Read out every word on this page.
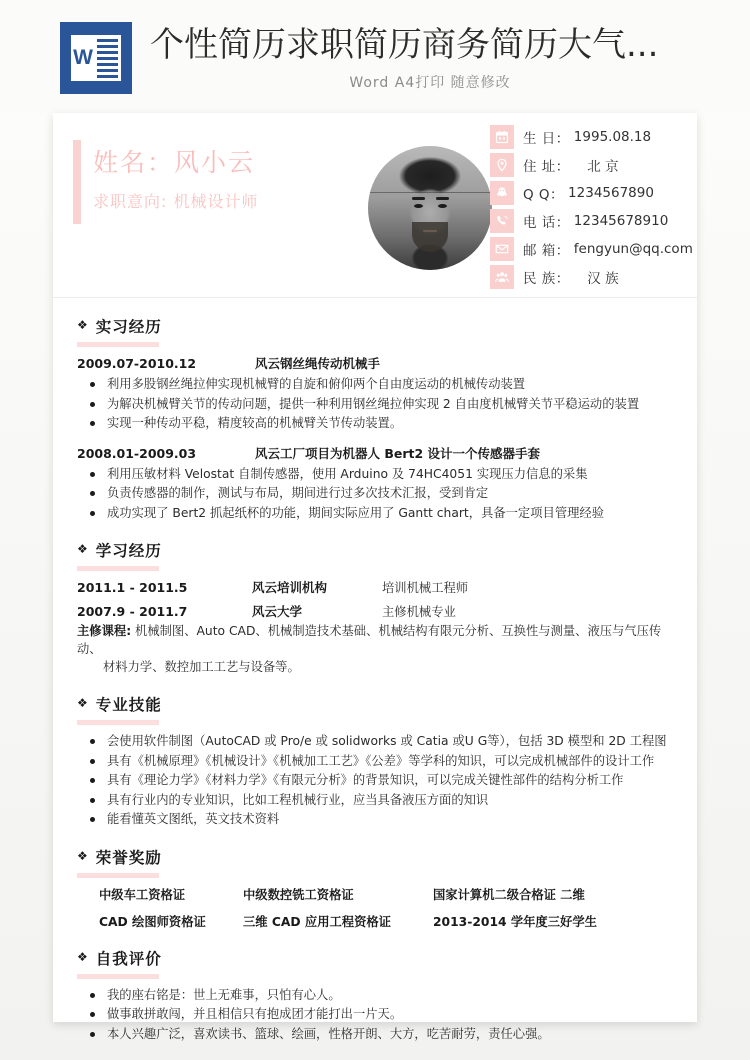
W 个性简历求职简历商务简历大气...
Word A4打印 随意修改
姓名：风小云
求职意向: 机械设计师
生 日： 1995.08.18
住 址： 　北 京
Q Q： 1234567890
电 话： 12345678910
邮 箱： fengyun@qq.com
民 族： 　汉 族
❖ 实习经历
2009.07-2010.12	风云钢丝绳传动机械手
利用多股钢丝绳拉伸实现机械臂的自旋和俯仰两个自由度运动的机械传动装置
为解决机械臂关节的传动问题，提供一种利用钢丝绳拉伸实现 2 自由度机械臂关节平稳运动的装置
实现一种传动平稳，精度较高的机械臂关节传动装置。
2008.01-2009.03	风云工厂项目为机器人 Bert2 设计一个传感器手套
利用压敏材料 Velostat 自制传感器，使用 Arduino 及 74HC4051 实现压力信息的采集
负责传感器的制作，测试与布局，期间进行过多次技术汇报，受到肯定
成功实现了 Bert2 抓起纸杯的功能，期间实际应用了 Gantt chart，具备一定项目管理经验
❖ 学习经历
2011.1 - 2011.5	风云培训机构	培训机械工程师
2007.9 - 2011.7	风云大学	主修机械专业
主修课程: 机械制图、Auto CAD、机械制造技术基础、机械结构有限元分析、互换性与测量、液压与气压传动、
材料力学、数控加工工艺与设备等。
❖ 专业技能
会使用软件制图（AutoCAD 或 Pro/e 或 solidworks 或 Catia 或U G等），包括 3D 模型和 2D 工程图
具有《机械原理》《机械设计》《机械加工工艺》《公差》等学科的知识，可以完成机械部件的设计工作
具有《理论力学》《材料力学》《有限元分析》的背景知识，可以完成关键性部件的结构分析工作
具有行业内的专业知识，比如工程机械行业，应当具备液压方面的知识
能看懂英文图纸，英文技术资料
❖ 荣誉奖励
中级车工资格证	中级数控铣工资格证	国家计算机二级合格证 二维
CAD 绘图师资格证	三维 CAD 应用工程资格证	2013-2014 学年度三好学生
❖ 自我评价
我的座右铭是：世上无难事，只怕有心人。
做事敢拼敢闯，并且相信只有抱成团才能打出一片天。
本人兴趣广泛，喜欢读书、篮球、绘画，性格开朗、大方，吃苦耐劳，责任心强。
